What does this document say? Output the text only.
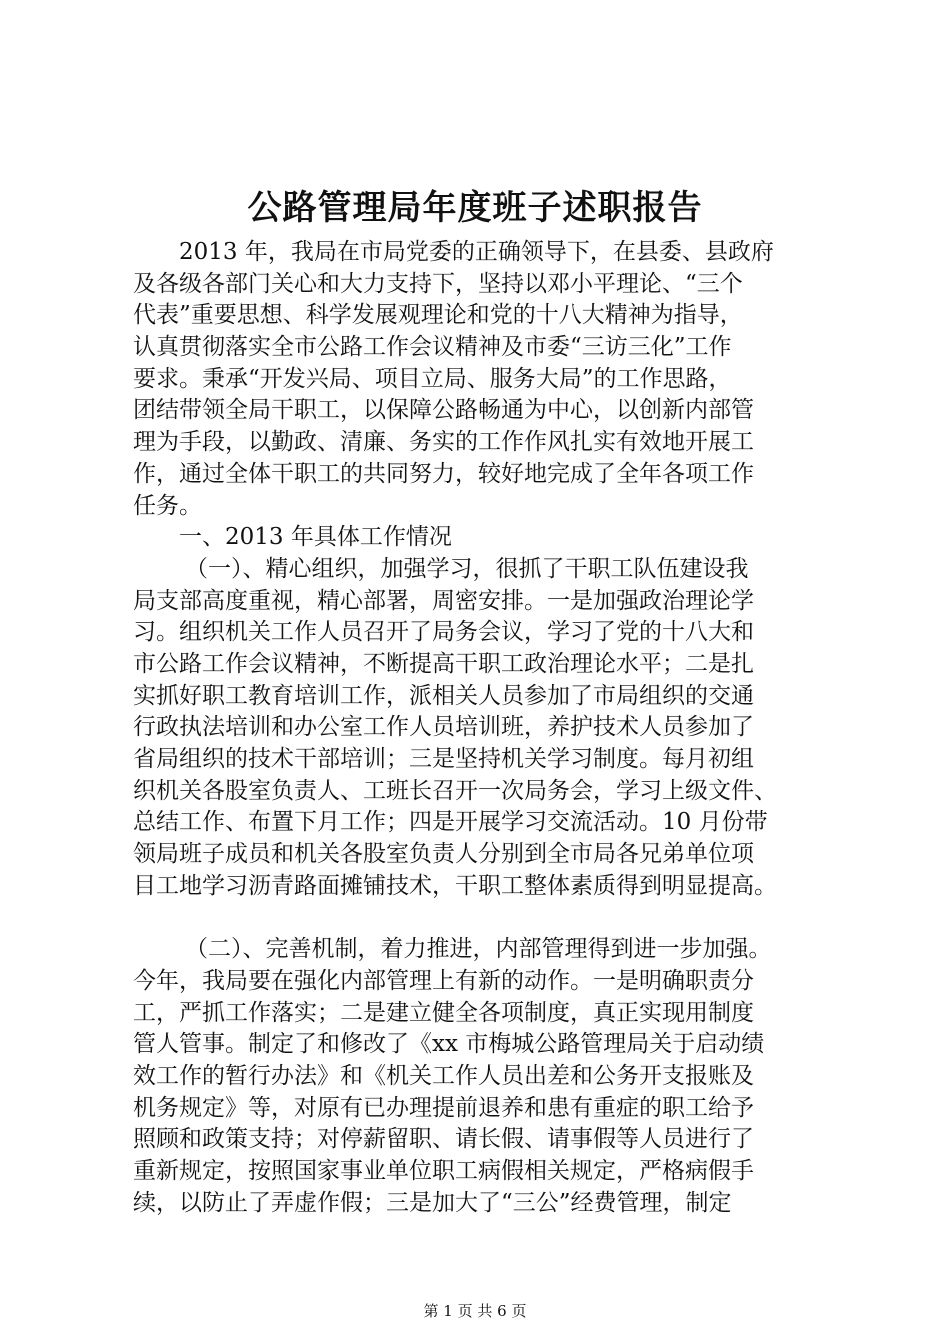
公路管理局年度班子述职报告
2013 年，我局在市局党委的正确领导下，在县委、县政府
及各级各部门关心和大力支持下，坚持以邓小平理论、“三个
代表”重要思想、科学发展观理论和党的十八大精神为指导，
认真贯彻落实全市公路工作会议精神及市委“三访三化”工作
要求。秉承“开发兴局、项目立局、服务大局”的工作思路，
团结带领全局干职工，以保障公路畅通为中心，以创新内部管
理为手段，以勤政、清廉、务实的工作作风扎实有效地开展工
作，通过全体干职工的共同努力，较好地完成了全年各项工作
任务。
一、2013 年具体工作情况
（一）、精心组织，加强学习，很抓了干职工队伍建设我
局支部高度重视，精心部署，周密安排。一是加强政治理论学
习。组织机关工作人员召开了局务会议，学习了党的十八大和
市公路工作会议精神，不断提高干职工政治理论水平；二是扎
实抓好职工教育培训工作，派相关人员参加了市局组织的交通
行政执法培训和办公室工作人员培训班，养护技术人员参加了
省局组织的技术干部培训；三是坚持机关学习制度。每月初组
织机关各股室负责人、工班长召开一次局务会，学习上级文件、
总结工作、布置下月工作；四是开展学习交流活动。10 月份带
领局班子成员和机关各股室负责人分别到全市局各兄弟单位项
目工地学习沥青路面摊铺技术，干职工整体素质得到明显提高。
（二）、完善机制，着力推进，内部管理得到进一步加强。
今年，我局要在强化内部管理上有新的动作。一是明确职责分
工，严抓工作落实；二是建立健全各项制度，真正实现用制度
管人管事。制定了和修改了《xx 市梅城公路管理局关于启动绩
效工作的暂行办法》和《机关工作人员出差和公务开支报账及
机务规定》等，对原有已办理提前退养和患有重症的职工给予
照顾和政策支持；对停薪留职、请长假、请事假等人员进行了
重新规定，按照国家事业单位职工病假相关规定，严格病假手
续，以防止了弄虚作假；三是加大了“三公”经费管理，制定
第 1 页 共 6 页
